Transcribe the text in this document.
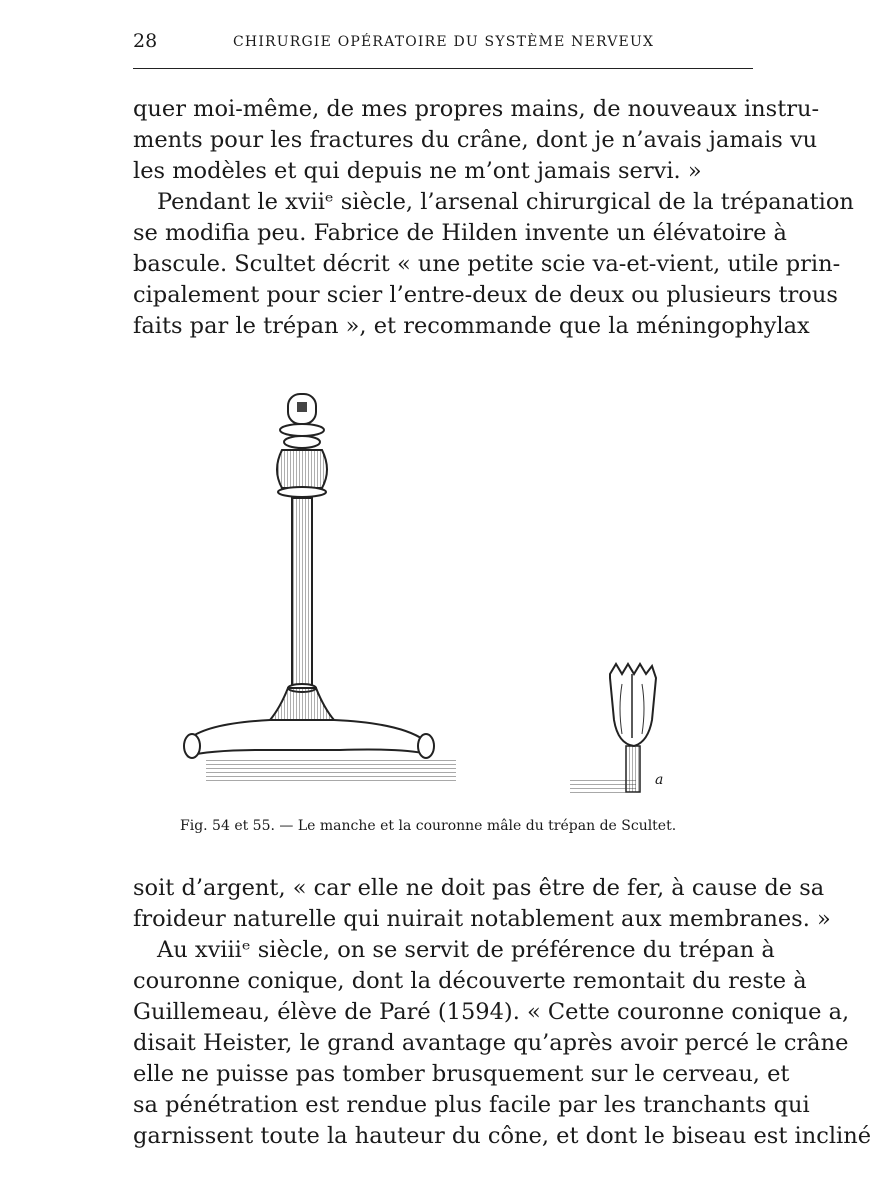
28	CHIRURGIE OPÉRATOIRE DU SYSTÈME NERVEUX
quer moi-même, de mes propres mains, de nouveaux instru-
ments pour les fractures du crâne, dont je n’avais jamais vu
les modèles et qui depuis ne m’ont jamais servi. »
Pendant le xviiᵉ siècle, l’arsenal chirurgical de la trépanation
se modifia peu. Fabrice de Hilden invente un élévatoire à
bascule. Scultet décrit « une petite scie va-et-vient, utile prin-
cipalement pour scier l’entre-deux de deux ou plusieurs trous
faits par le trépan », et recommande que la méningophylax
a
Fig. 54 et 55. — Le manche et la couronne mâle du trépan de Scultet.
soit d’argent, « car elle ne doit pas être de fer, à cause de sa
froideur naturelle qui nuirait notablement aux membranes. »
Au xviiiᵉ siècle, on se servit de préférence du trépan à
couronne conique, dont la découverte remontait du reste à
Guillemeau, élève de Paré (1594). « Cette couronne conique a,
disait Heister, le grand avantage qu’après avoir percé le crâne
elle ne puisse pas tomber brusquement sur le cerveau, et
sa pénétration est rendue plus facile par les tranchants qui
garnissent toute la hauteur du cône, et dont le biseau est incliné
